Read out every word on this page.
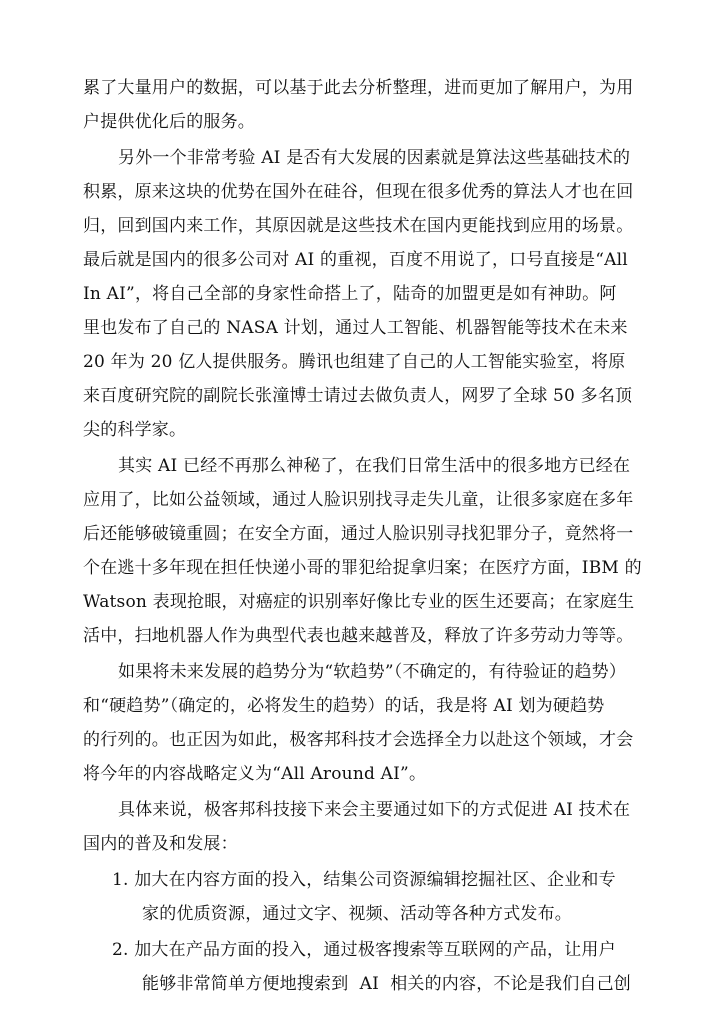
累了大量用户的数据，可以基于此去分析整理，进而更加了解用户，为用
户提供优化后的服务。
另外一个非常考验 AI 是否有大发展的因素就是算法这些基础技术的
积累，原来这块的优势在国外在硅谷，但现在很多优秀的算法人才也在回
归，回到国内来工作，其原因就是这些技术在国内更能找到应用的场景。
最后就是国内的很多公司对 AI 的重视，百度不用说了，口号直接是“All
In AI”，将自己全部的身家性命搭上了，陆奇的加盟更是如有神助。阿
里也发布了自己的 NASA 计划，通过人工智能、机器智能等技术在未来
20 年为 20 亿人提供服务。腾讯也组建了自己的人工智能实验室，将原
来百度研究院的副院长张潼博士请过去做负责人，网罗了全球 50 多名顶
尖的科学家。
其实 AI 已经不再那么神秘了，在我们日常生活中的很多地方已经在
应用了，比如公益领域，通过人脸识别找寻走失儿童，让很多家庭在多年
后还能够破镜重圆；在安全方面，通过人脸识别寻找犯罪分子，竟然将一
个在逃十多年现在担任快递小哥的罪犯给捉拿归案；在医疗方面，IBM 的
Watson 表现抢眼，对癌症的识别率好像比专业的医生还要高；在家庭生
活中，扫地机器人作为典型代表也越来越普及，释放了许多劳动力等等。
如果将未来发展的趋势分为“软趋势”（不确定的，有待验证的趋势）
和“硬趋势”（确定的，必将发生的趋势）的话，我是将 AI 划为硬趋势
的行列的。也正因为如此，极客邦科技才会选择全力以赴这个领域，才会
将今年的内容战略定义为“All Around AI”。
具体来说，极客邦科技接下来会主要通过如下的方式促进 AI 技术在
国内的普及和发展：
1. 加大在内容方面的投入，结集公司资源编辑挖掘社区、企业和专
家的优质资源，通过文字、视频、活动等各种方式发布。
2. 加大在产品方面的投入，通过极客搜索等互联网的产品，让用户
能够非常简单方便地搜索到  AI  相关的内容，不论是我们自己创
